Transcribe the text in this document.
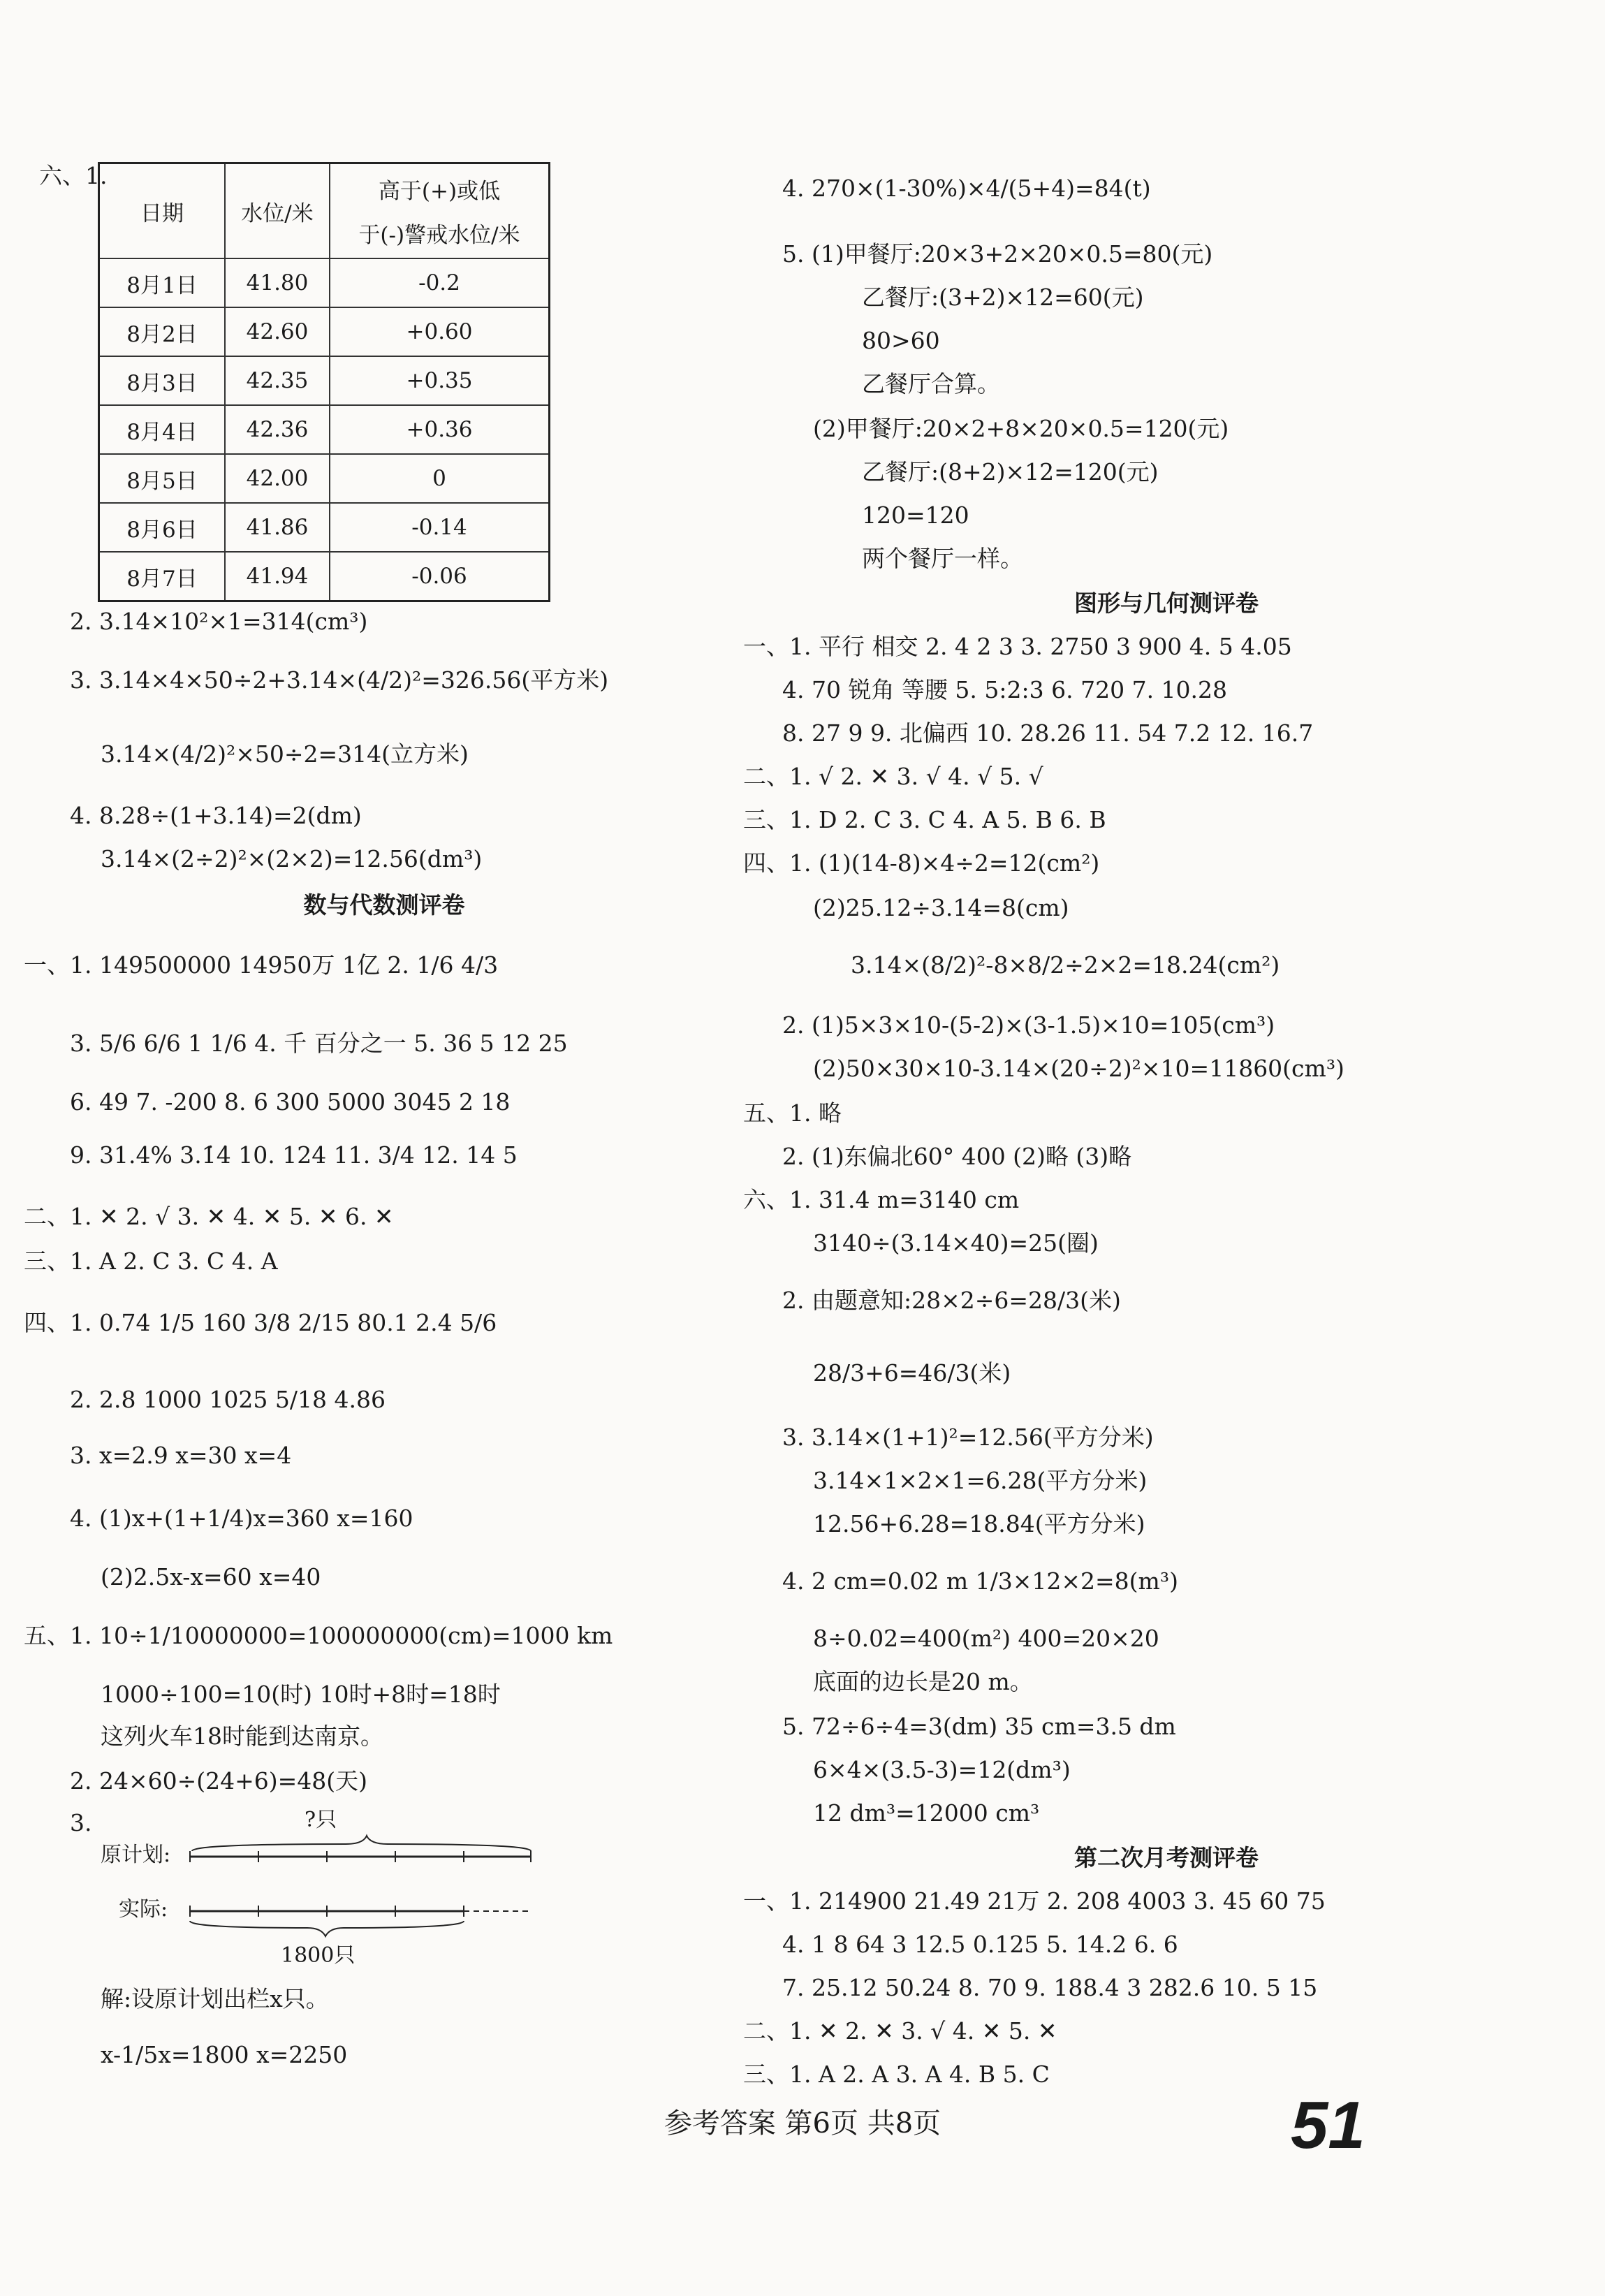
六、1.
日期	水位/米	高于(+)或低
于(-)警戒水位/米

8月1日	41.80	-0.2
8月2日	42.60	+0.60
8月3日	42.35	+0.35
8月4日	42.36	+0.36
8月5日	42.00	0
8月6日	41.86	-0.14
8月7日	41.94	-0.06
2. 3.14×10²×1=314(cm³)
3. 3.14×4×50÷2+3.14×(4/2)²=326.56(平方米)
3.14×(4/2)²×50÷2=314(立方米)
4. 8.28÷(1+3.14)=2(dm)
3.14×(2÷2)²×(2×2)=12.56(dm³)
数与代数测评卷
一、1. 149500000 14950万 1亿 2. 1/6 4/3
3. 5/6 6/6 1 1/6 4. 千 百分之一 5. 36 5 12 25
6. 49 7. -200 8. 6 300 5000 3045 2 18
9. 31.4% 3.1̇4̇ 10. 124 11. 3/4 12. 14 5
二、1. ✕ 2. √ 3. ✕ 4. ✕ 5. ✕ 6. ✕
三、1. A 2. C 3. C 4. A
四、1. 0.74 1/5 160 3/8 2/15 80.1 2.4 5/6
2. 2.8 1000 1025 5/18 4.86
3. x=2.9 x=30 x=4
4. (1)x+(1+1/4)x=360 x=160
(2)2.5x-x=60 x=40
五、1. 10÷1/10000000=100000000(cm)=1000 km
1000÷100=10(时) 10时+8时=18时
这列火车18时能到达南京。
2. 24×60÷(24+6)=48(天)
3.	?只
原计划:
实际:
1800只
解:设原计划出栏x只。
x-1/5x=1800 x=2250
4. 270×(1-30%)×4/(5+4)=84(t)
5. (1)甲餐厅:20×3+2×20×0.5=80(元)
乙餐厅:(3+2)×12=60(元)
80>60
乙餐厅合算。
(2)甲餐厅:20×2+8×20×0.5=120(元)
乙餐厅:(8+2)×12=120(元)
120=120
两个餐厅一样。
图形与几何测评卷
一、1. 平行 相交 2. 4 2 3 3. 2750 3 900 4. 5 4.05
4. 70 锐角 等腰 5. 5:2:3 6. 720 7. 10.28
8. 27 9 9. 北偏西 10. 28.26 11. 54 7.2 12. 16.7
二、1. √ 2. ✕ 3. √ 4. √ 5. √
三、1. D 2. C 3. C 4. A 5. B 6. B
四、1. (1)(14-8)×4÷2=12(cm²)
(2)25.12÷3.14=8(cm)
3.14×(8/2)²-8×8/2÷2×2=18.24(cm²)
2. (1)5×3×10-(5-2)×(3-1.5)×10=105(cm³)
(2)50×30×10-3.14×(20÷2)²×10=11860(cm³)
五、1. 略
2. (1)东偏北60° 400 (2)略 (3)略
六、1. 31.4 m=3140 cm
3140÷(3.14×40)=25(圈)
2. 由题意知:28×2÷6=28/3(米)
28/3+6=46/3(米)
3. 3.14×(1+1)²=12.56(平方分米)
3.14×1×2×1=6.28(平方分米)
12.56+6.28=18.84(平方分米)
4. 2 cm=0.02 m 1/3×12×2=8(m³)
8÷0.02=400(m²) 400=20×20
底面的边长是20 m。
5. 72÷6÷4=3(dm) 35 cm=3.5 dm
6×4×(3.5-3)=12(dm³)
12 dm³=12000 cm³
第二次月考测评卷
一、1. 214900 21.49 21万 2. 208 4003 3. 45 60 75
4. 1 8 64 3 12.5 0.125 5. 14.2 6. 6
7. 25.12 50.24 8. 70 9. 188.4 3 282.6 10. 5 15
二、1. ✕ 2. ✕ 3. √ 4. ✕ 5. ✕
三、1. A 2. A 3. A 4. B 5. C
参考答案 第6页 共8页	51
